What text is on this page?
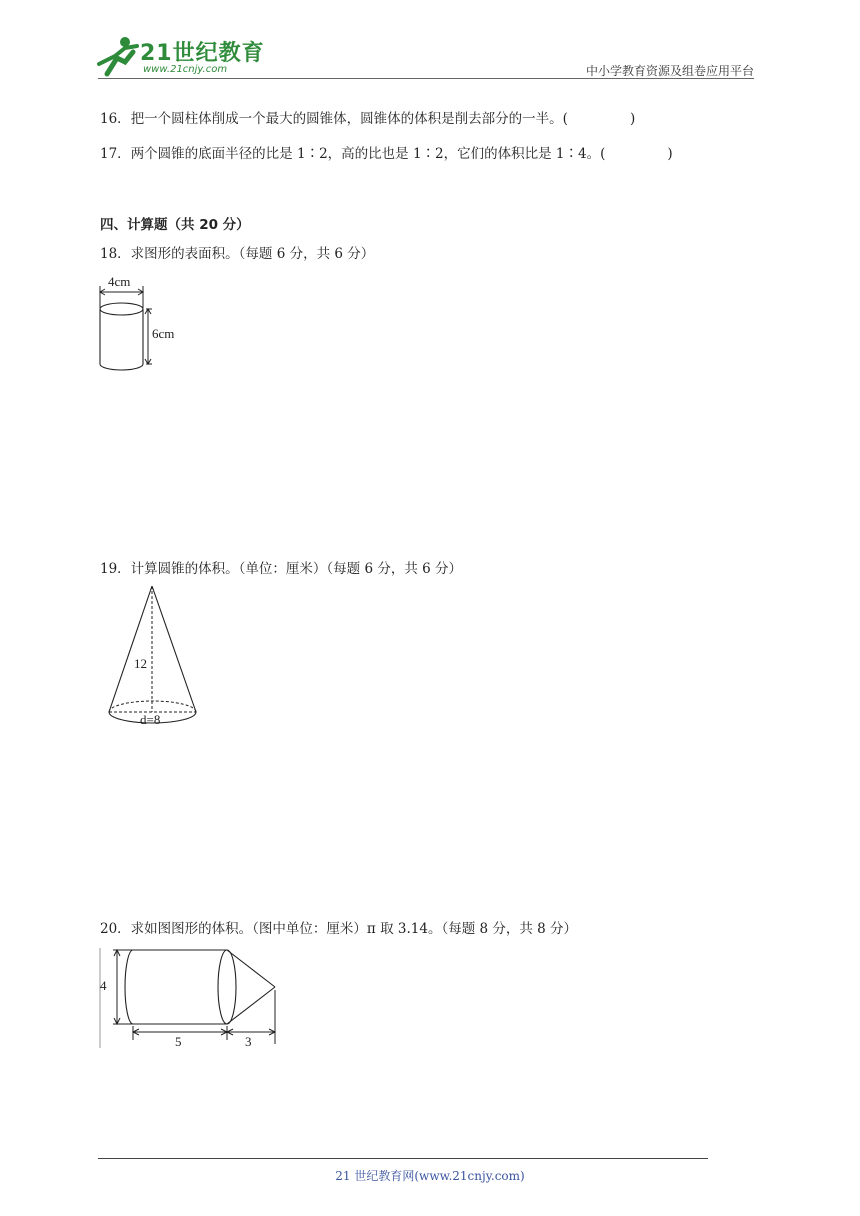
21世纪教育
www.21cnjy.com	中小学教育资源及组卷应用平台
16．把一个圆柱体削成一个最大的圆锥体，圆锥体的体积是削去部分的一半。(	)
17．两个圆锥的底面半径的比是 1∶2，高的比也是 1∶2，它们的体积比是 1∶4。(	)
四、计算题（共 20 分）
18．求图形的表面积。（每题 6 分，共 6 分）
4cm
6cm
19．计算圆锥的体积。（单位：厘米）（每题 6 分，共 6 分）
12
d=8
20．求如图图形的体积。（图中单位：厘米）π 取 3.14。（每题 8 分，共 8 分）
4
5	3
21 世纪教育网(www.21cnjy.com)
